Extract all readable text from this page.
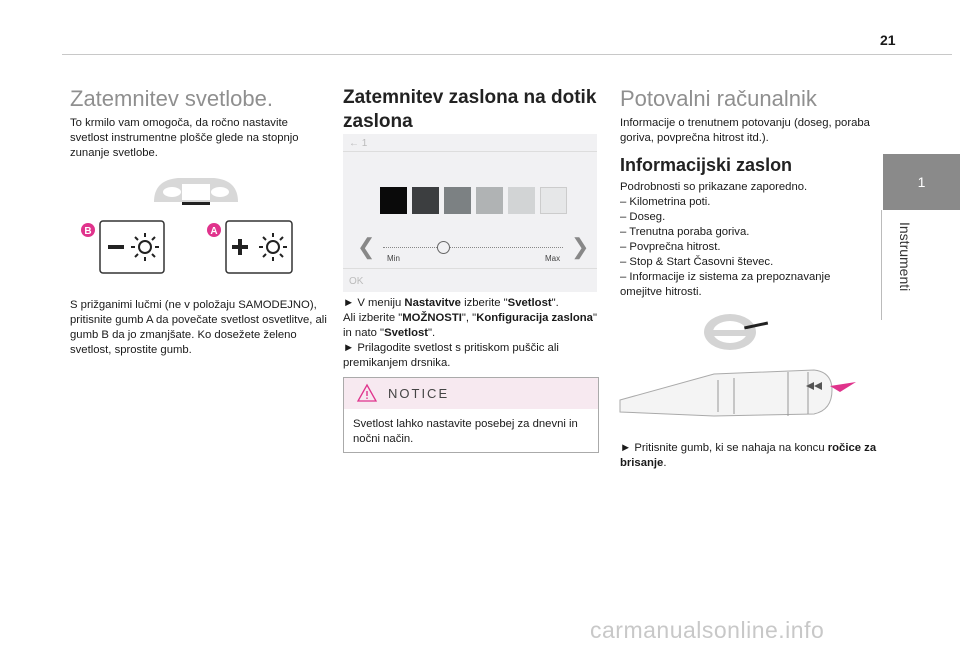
21
1
Instrumenti
Zatemnitev svetlobe.

To krmilo vam omogoča, da ročno nastavite svetlost instrumentne plošče glede na stopnjo zunanje svetlobe.

B	A

S prižganimi lučmi (ne v položaju SAMODEJNO), pritisnite gumb A da povečate svetlost osvetlitve, ali gumb B da jo zmanjšate. Ko dosežete želeno svetlost, sprostite gumb.

Zatemnitev zaslona na dotik zaslona
← 1
❮	❯
Min	Max
OK

► V meniju Nastavitve izberite "Svetlost".
Ali izberite "MOŽNOSTI", "Konfiguracija zaslona" in nato "Svetlost".
► Prilagodite svetlost s pritiskom puščic ali premikanjem drsnika.

NOTICE
Svetlost lahko nastavite posebej za dnevni in nočni način.
Potovalni računalnik

Informacije o trenutnem potovanju (doseg, poraba goriva, povprečna hitrost itd.).

Informacijski zaslon

Podrobnosti so prikazane zaporedno.
– Kilometrina poti.
– Doseg.
– Trenutna poraba goriva.
– Povprečna hitrost.
– Stop & Start Časovni števec.
– Informacije iz sistema za prepoznavanje omejitve hitrosti.

► Pritisnite gumb, ki se nahaja na koncu ročice za brisanje.

carmanualsonline.info
